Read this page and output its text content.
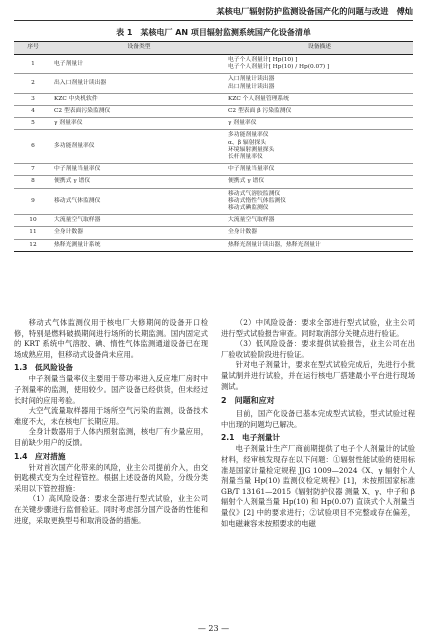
某核电厂辐射防护监测设备国产化的问题与改进　傅灿
表 1　某核电厂 AN 项目辐射监测系统国产化设备清单
序号	设备类型	设备描述
1	电子剂量计	电子个人剂量计[ Hp(10) ]
电子个人剂量计[ Hp(10) / Hp(0.07) ]

2	出入口剂量计读出器	入口剂量计读出器
出口剂量计读出器

3	KZC 中央机软件	KZC 个人剂量管理系统

4	C2 型表面污染监测仪	C2 型表面 β 污染监测仪

5	γ 剂量率仪	γ 剂量率仪

6	多功能剂量率仪	多功能剂量率仪
α、β 辐射探头
环境辐射测量探头
长杆剂量率仪

7	中子剂量当量率仪	中子剂量当量率仪

8	便携式 γ 谱仪	便携式 γ 谱仪

9	移动式气体监测仪	移动式气溶胶监测仪
移动式惰性气体监测仪
移动式碘监测仪

10	大流量空气取样器	大流量空气取样器

11	全身计数器	全身计数器

12	热释光测量计系统	热释光剂量计读出器，热释光剂量计

移动式气体监测仪用于核电厂大修期间的设备开口检修，特别是燃料破损期间进行场所的长期监测。国内固定式的 KRT 系统中气溶胶、碘、惰性气体监测通道设备已在现场成熟应用，但移动式设备尚未应用。

1.3　低风险设备

中子剂量当量率仪主要用于带功率进入反应堆厂房时中子剂量率的监测，使用较少。国产设备已经供货，但未经过长时间的应用考验。

大空气流量取样器用于场所空气污染的监测，设备技术难度不大，未在核电厂长期应用。

全身计数器用于人体内照射监测，核电厂有少量应用，目前缺少用户的反馈。

1.4　应对措施

针对首次国产化带来的风险，业主公司提前介入，由交钥匙模式变为全过程管控。根据上述设备的风险，分级分类采用以下管控措施：

（1）高风险设备：要求全部进行型式试验，业主公司在关键步骤进行监督验证。同时考虑部分国产设备的性能和进度，采取更换型号和取消设备的措施。

（2）中风险设备：要求全部进行型式试验，业主公司进行型式试验报告审查。同时取消部分关键点进行验证。

（3）低风险设备：要求提供试验报告，业主公司在出厂验收试验阶段进行验证。

针对电子剂量计，要求在型式试验完成后，先进行小批量试制并进行试验，并在运行核电厂搭建最小平台进行现场测试。

2　问题和应对

目前，国产化设备已基本完成型式试验，型式试验过程中出现的问题均已解决。

2.1　电子剂量计

电子剂量计生产厂商前期提供了电子个人剂量计的试验材料，经审核发现存在以下问题：①辐射性能试验的使用标准是国家计量检定规程 JJG 1009—2024《X、γ 辐射个人剂量当量 Hp(10) 监测仪检定规程》[1]，未按照国家标准 GB/T 13161—2015《辐射防护仪器 测量 X、γ、中子和 β 辐射个人剂量当量 Hp(10) 和 Hp(0.07) 直读式个人剂量当量仪》[2] 中的要求进行；②试验项目不完整或存在偏差，如电磁兼容未按照要求的电磁

— 23 —
